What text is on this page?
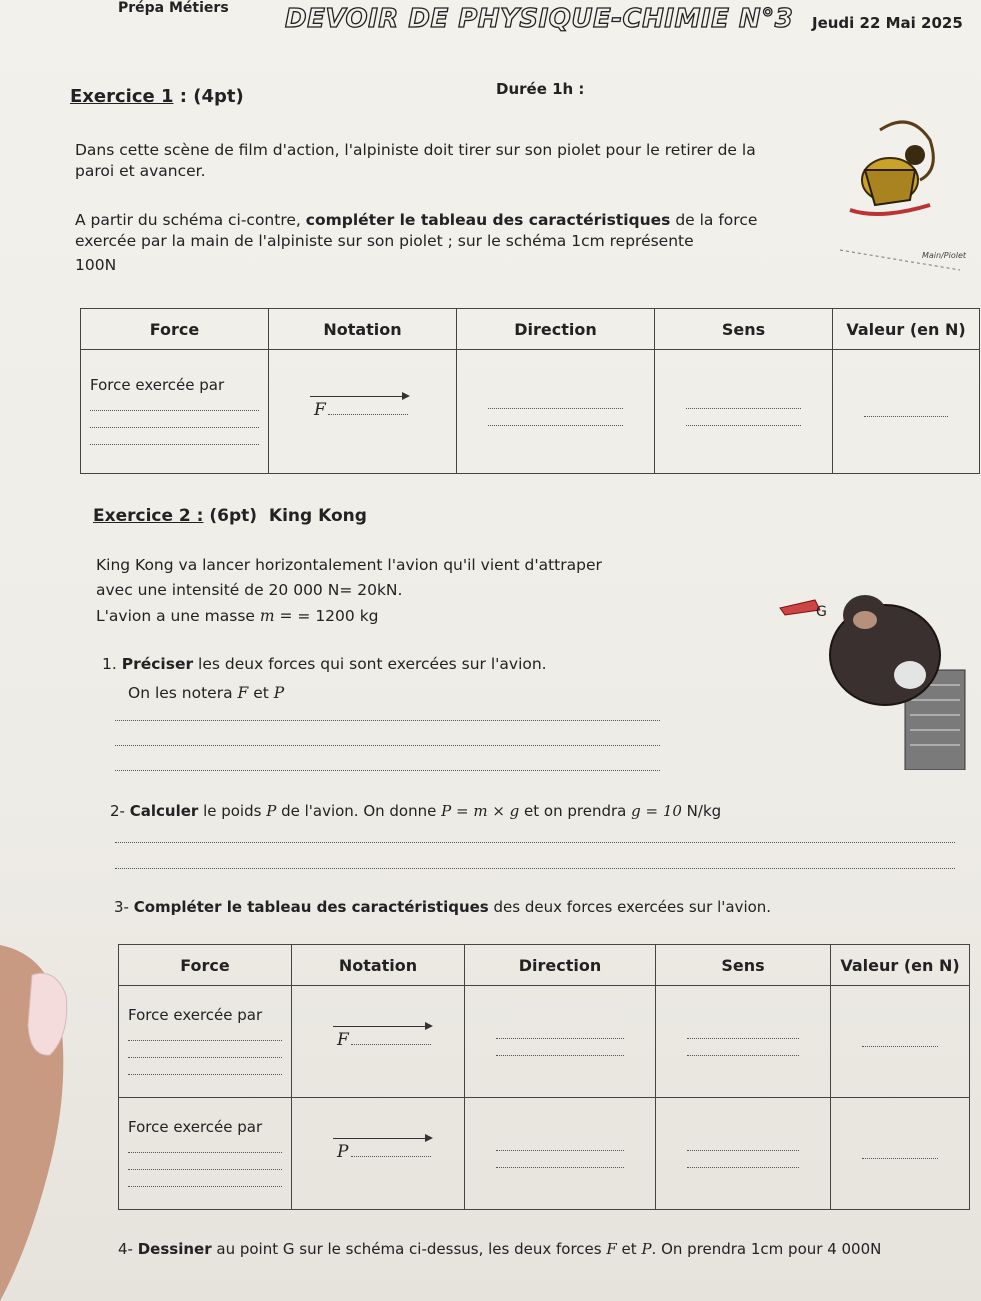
Prépa Métiers DEVOIR DE PHYSIQUE-CHIMIE N°3 Jeudi 22 Mai 2025
Exercice 1 : (4pt)	Durée 1h :
Dans cette scène de film d'action, l'alpiniste doit tirer sur son piolet pour le retirer de la paroi et avancer.
A partir du schéma ci-contre, compléter le tableau des caractéristiques de la force exercée par la main de l'alpiniste sur son piolet ; sur le schéma 1cm représente
100N
Main/Piolet
Force	Notation	Direction	Sens	Valeur (en N)

Force exercée par	F			

Exercice 2 : (6pt) King Kong
King Kong va lancer horizontalement l'avion qu'il vient d'attraper
avec une intensité de 20 000 N= 20kN.
L'avion a une masse m = = 1200 kg	G
1. Préciser les deux forces qui sont exercées sur l'avion.
On les notera F et P
2- Calculer le poids P de l'avion. On donne P = m × g et on prendra g = 10 N/kg
3- Compléter le tableau des caractéristiques des deux forces exercées sur l'avion.
Force	Notation	Direction	Sens	Valeur (en N)

Force exercée par	F			

Force exercée par	P			

4- Dessiner au point G sur le schéma ci-dessus, les deux forces F et P. On prendra 1cm pour 4 000N
